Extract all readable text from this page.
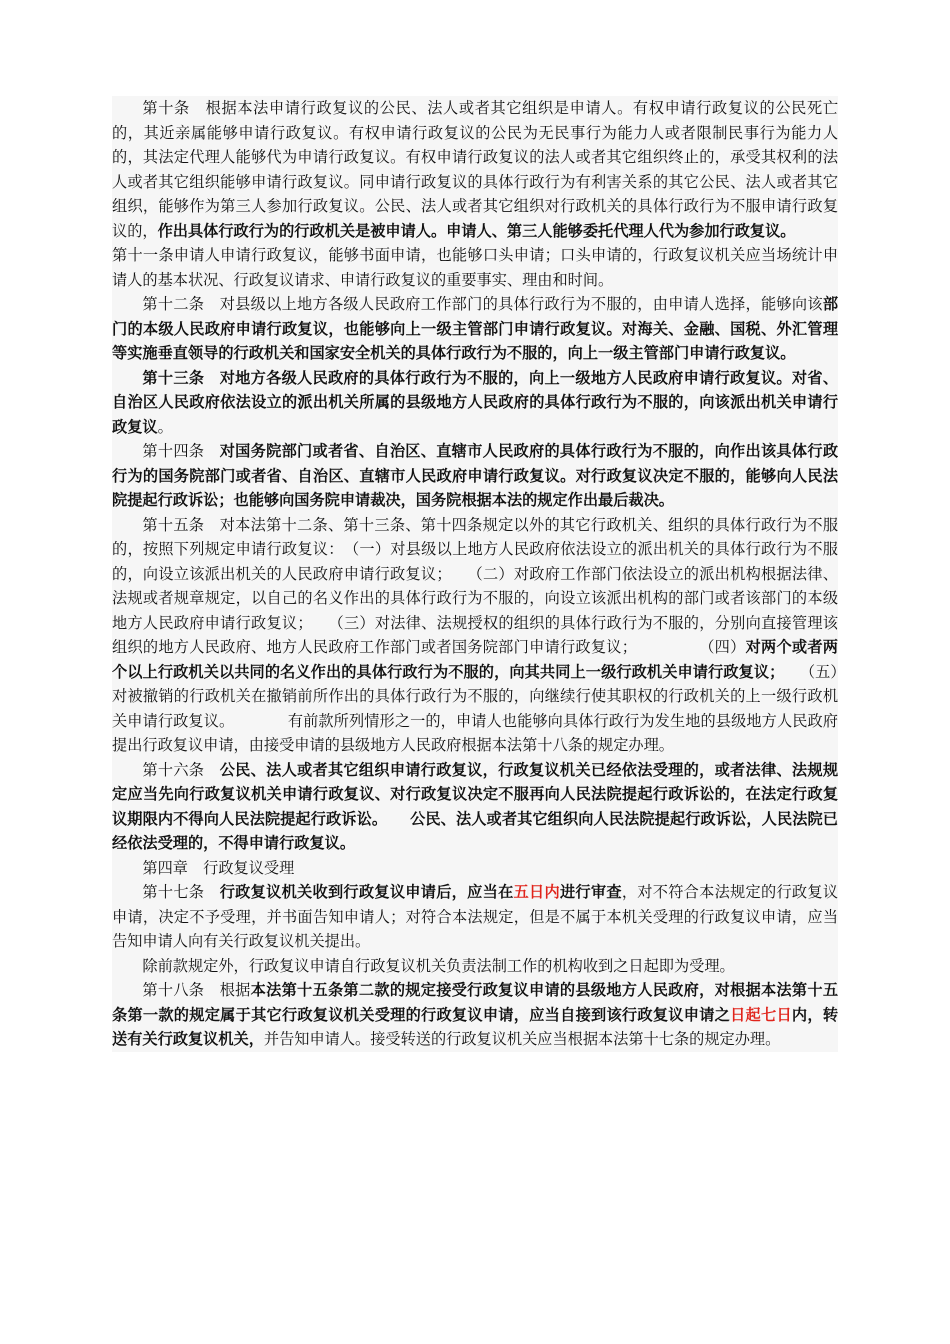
第十条　根据本法申请行政复议的公民、法人或者其它组织是申请人。有权申请行政复议的公民死亡的，其近亲属能够申请行政复议。有权申请行政复议的公民为无民事行为能力人或者限制民事行为能力人的，其法定代理人能够代为申请行政复议。有权申请行政复议的法人或者其它组织终止的，承受其权利的法人或者其它组织能够申请行政复议。同申请行政复议的具体行政行为有利害关系的其它公民、法人或者其它组织，能够作为第三人参加行政复议。公民、法人或者其它组织对行政机关的具体行政行为不服申请行政复议的，作出具体行政行为的行政机关是被申请人。申请人、第三人能够委托代理人代为参加行政复议。

第十一条申请人申请行政复议，能够书面申请，也能够口头申请；口头申请的，行政复议机关应当场统计申请人的基本状况、行政复议请求、申请行政复议的重要事实、理由和时间。

第十二条　对县级以上地方各级人民政府工作部门的具体行政行为不服的，由申请人选择，能够向该部门的本级人民政府申请行政复议，也能够向上一级主管部门申请行政复议。对海关、金融、国税、外汇管理等实施垂直领导的行政机关和国家安全机关的具体行政行为不服的，向上一级主管部门申请行政复议。

第十三条　对地方各级人民政府的具体行政行为不服的，向上一级地方人民政府申请行政复议。对省、自治区人民政府依法设立的派出机关所属的县级地方人民政府的具体行政行为不服的，向该派出机关申请行政复议。

第十四条　对国务院部门或者省、自治区、直辖市人民政府的具体行政行为不服的，向作出该具体行政行为的国务院部门或者省、自治区、直辖市人民政府申请行政复议。对行政复议决定不服的，能够向人民法院提起行政诉讼；也能够向国务院申请裁决，国务院根据本法的规定作出最后裁决。

第十五条　对本法第十二条、第十三条、第十四条规定以外的其它行政机关、组织的具体行政行为不服的，按照下列规定申请行政复议：　（一）对县级以上地方人民政府依法设立的派出机关的具体行政行为不服的，向设立该派出机关的人民政府申请行政复议；　　（二）对政府工作部门依法设立的派出机构根据法律、法规或者规章规定，以自己的名义作出的具体行政行为不服的，向设立该派出机构的部门或者该部门的本级地方人民政府申请行政复议；　　（三）对法律、法规授权的组织的具体行政行为不服的，分别向直接管理该组织的地方人民政府、地方人民政府工作部门或者国务院部门申请行政复议；　　　　　（四）对两个或者两个以上行政机关以共同的名义作出的具体行政行为不服的，向其共同上一级行政机关申请行政复议；　　（五）对被撤销的行政机关在撤销前所作出的具体行政行为不服的，向继续行使其职权的行政机关的上一级行政机关申请行政复议。　　　　有前款所列情形之一的，申请人也能够向具体行政行为发生地的县级地方人民政府提出行政复议申请，由接受申请的县级地方人民政府根据本法第十八条的规定办理。

第十六条　公民、法人或者其它组织申请行政复议，行政复议机关已经依法受理的，或者法律、法规规定应当先向行政复议机关申请行政复议、对行政复议决定不服再向人民法院提起行政诉讼的，在法定行政复议期限内不得向人民法院提起行政诉讼。　　公民、法人或者其它组织向人民法院提起行政诉讼，人民法院已经依法受理的，不得申请行政复议。

第四章　行政复议受理

第十七条　行政复议机关收到行政复议申请后，应当在五日内进行审查，对不符合本法规定的行政复议申请，决定不予受理，并书面告知申请人；对符合本法规定，但是不属于本机关受理的行政复议申请，应当告知申请人向有关行政复议机关提出。

除前款规定外，行政复议申请自行政复议机关负责法制工作的机构收到之日起即为受理。

第十八条　根据本法第十五条第二款的规定接受行政复议申请的县级地方人民政府，对根据本法第十五条第一款的规定属于其它行政复议机关受理的行政复议申请，应当自接到该行政复议申请之日起七日内，转送有关行政复议机关，并告知申请人。接受转送的行政复议机关应当根据本法第十七条的规定办理。
